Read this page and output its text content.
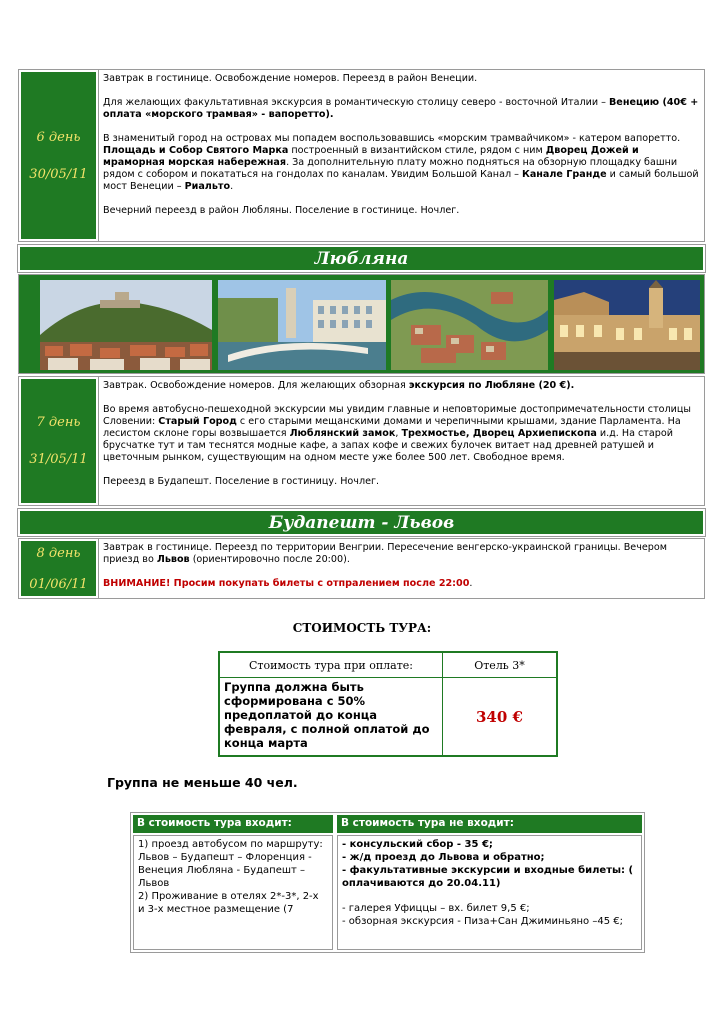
6 день
30/05/11

Завтрак в гостинице. Освобождение номеров. Переезд в район Венеции.

Для желающих факультативная экскурсия в романтическую столицу северо - восточной Италии – Венецию (40€ + оплата «морского трамвая» - вапоретто).

В знаменитый город на островах мы попадем воспользовавшись «морским трамвайчиком» - катером вапоретто. Площадь и Собор Святого Марка построенный в византийском стиле, рядом с ним Дворец Дожей и мраморная морская набережная. За дополнительную плату можно подняться на обзорную площадку башни рядом с собором и покататься на гондолах по каналам. Увидим Большой Канал – Канале Гранде и самый большой мост Венеции – Риальто.

Вечерний переезд в район Любляны. Поселение в гостинице. Ночлег.

Любляна
7 день
31/05/11

Завтрак. Освобождение номеров. Для желающих обзорная экскурсия по Любляне (20 €).

Во время автобусно-пешеходной экскурсии мы увидим главные и неповторимые достопримечательности столицы Словении: Старый Город с его старыми мещанскими домами и черепичными крышами, здание Парламента. На лесистом склоне горы возвышается Люблянский замок, Трехмостье, Дворец Архиепископа и.д. На старой брусчатке тут и там теснятся модные кафе, а запах кофе и свежих булочек витает над древней ратушей и цветочным рынком, существующим на одном месте уже более 500 лет. Свободное время.

Переезд в Будапешт. Поселение в гостиницу. Ночлег.

Будапешт - Львов
8 день
01/06/11

Завтрак в гостинице. Переезд по территории Венгрии. Пересечение венгерско-украинской границы. Вечером приезд во Львов (ориентировочно после 20:00).

ВНИМАНИЕ! Просим покупать билеты с отпралением после 22:00.

СТОИМОСТЬ ТУРА:
Стоимость тура при оплате:	Отель 3*
Группа должна быть сформирована с 50% предоплатой до конца февраля, с полной оплатой до конца марта
340 €
Группа не меньше 40 чел.
В стоимость тура входит:	В стоимость тура не входит:
1) проезд автобусом по маршруту:
Львов – Будапешт – Флоренция - Венеция Любляна - Будапешт – Львов
2) Проживание в отелях 2*-3*, 2-х и 3-х местное размещение (7
- консульский сбор - 35 €;
- ж/д проезд до Львова и обратно;
- факультативные экскурсии и входные билеты: ( оплачиваются до 20.04.11)
- галерея Уфиццы – вх. билет 9,5 €;
- обзорная экскурсия - Пиза+Сан Джиминьяно –45 €;
